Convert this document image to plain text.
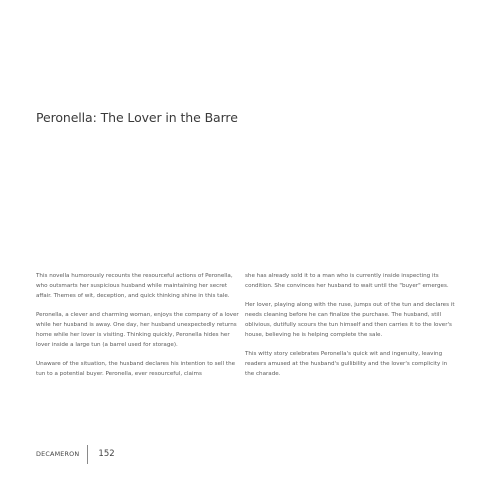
Peronella: The Lover in the Barre

This novella humorously recounts the resourceful actions of Peronella, who outsmarts her suspicious husband while maintaining her secret affair. Themes of wit, deception, and quick thinking shine in this tale.

Peronella, a clever and charming woman, enjoys the company of a lover while her husband is away. One day, her husband unexpectedly returns home while her lover is visiting. Thinking quickly, Peronella hides her lover inside a large tun (a barrel used for storage).

Unaware of the situation, the husband declares his intention to sell the tun to a potential buyer. Peronella, ever resourceful, claims

she has already sold it to a man who is currently inside inspecting its condition. She convinces her husband to wait until the "buyer" emerges.

Her lover, playing along with the ruse, jumps out of the tun and declares it needs cleaning before he can finalize the purchase. The husband, still oblivious, dutifully scours the tun himself and then carries it to the lover's house, believing he is helping complete the sale.

This witty story celebrates Peronella's quick wit and ingenuity, leaving readers amused at the husband's gullibility and the lover's complicity in the charade.

DECAMERON 152
